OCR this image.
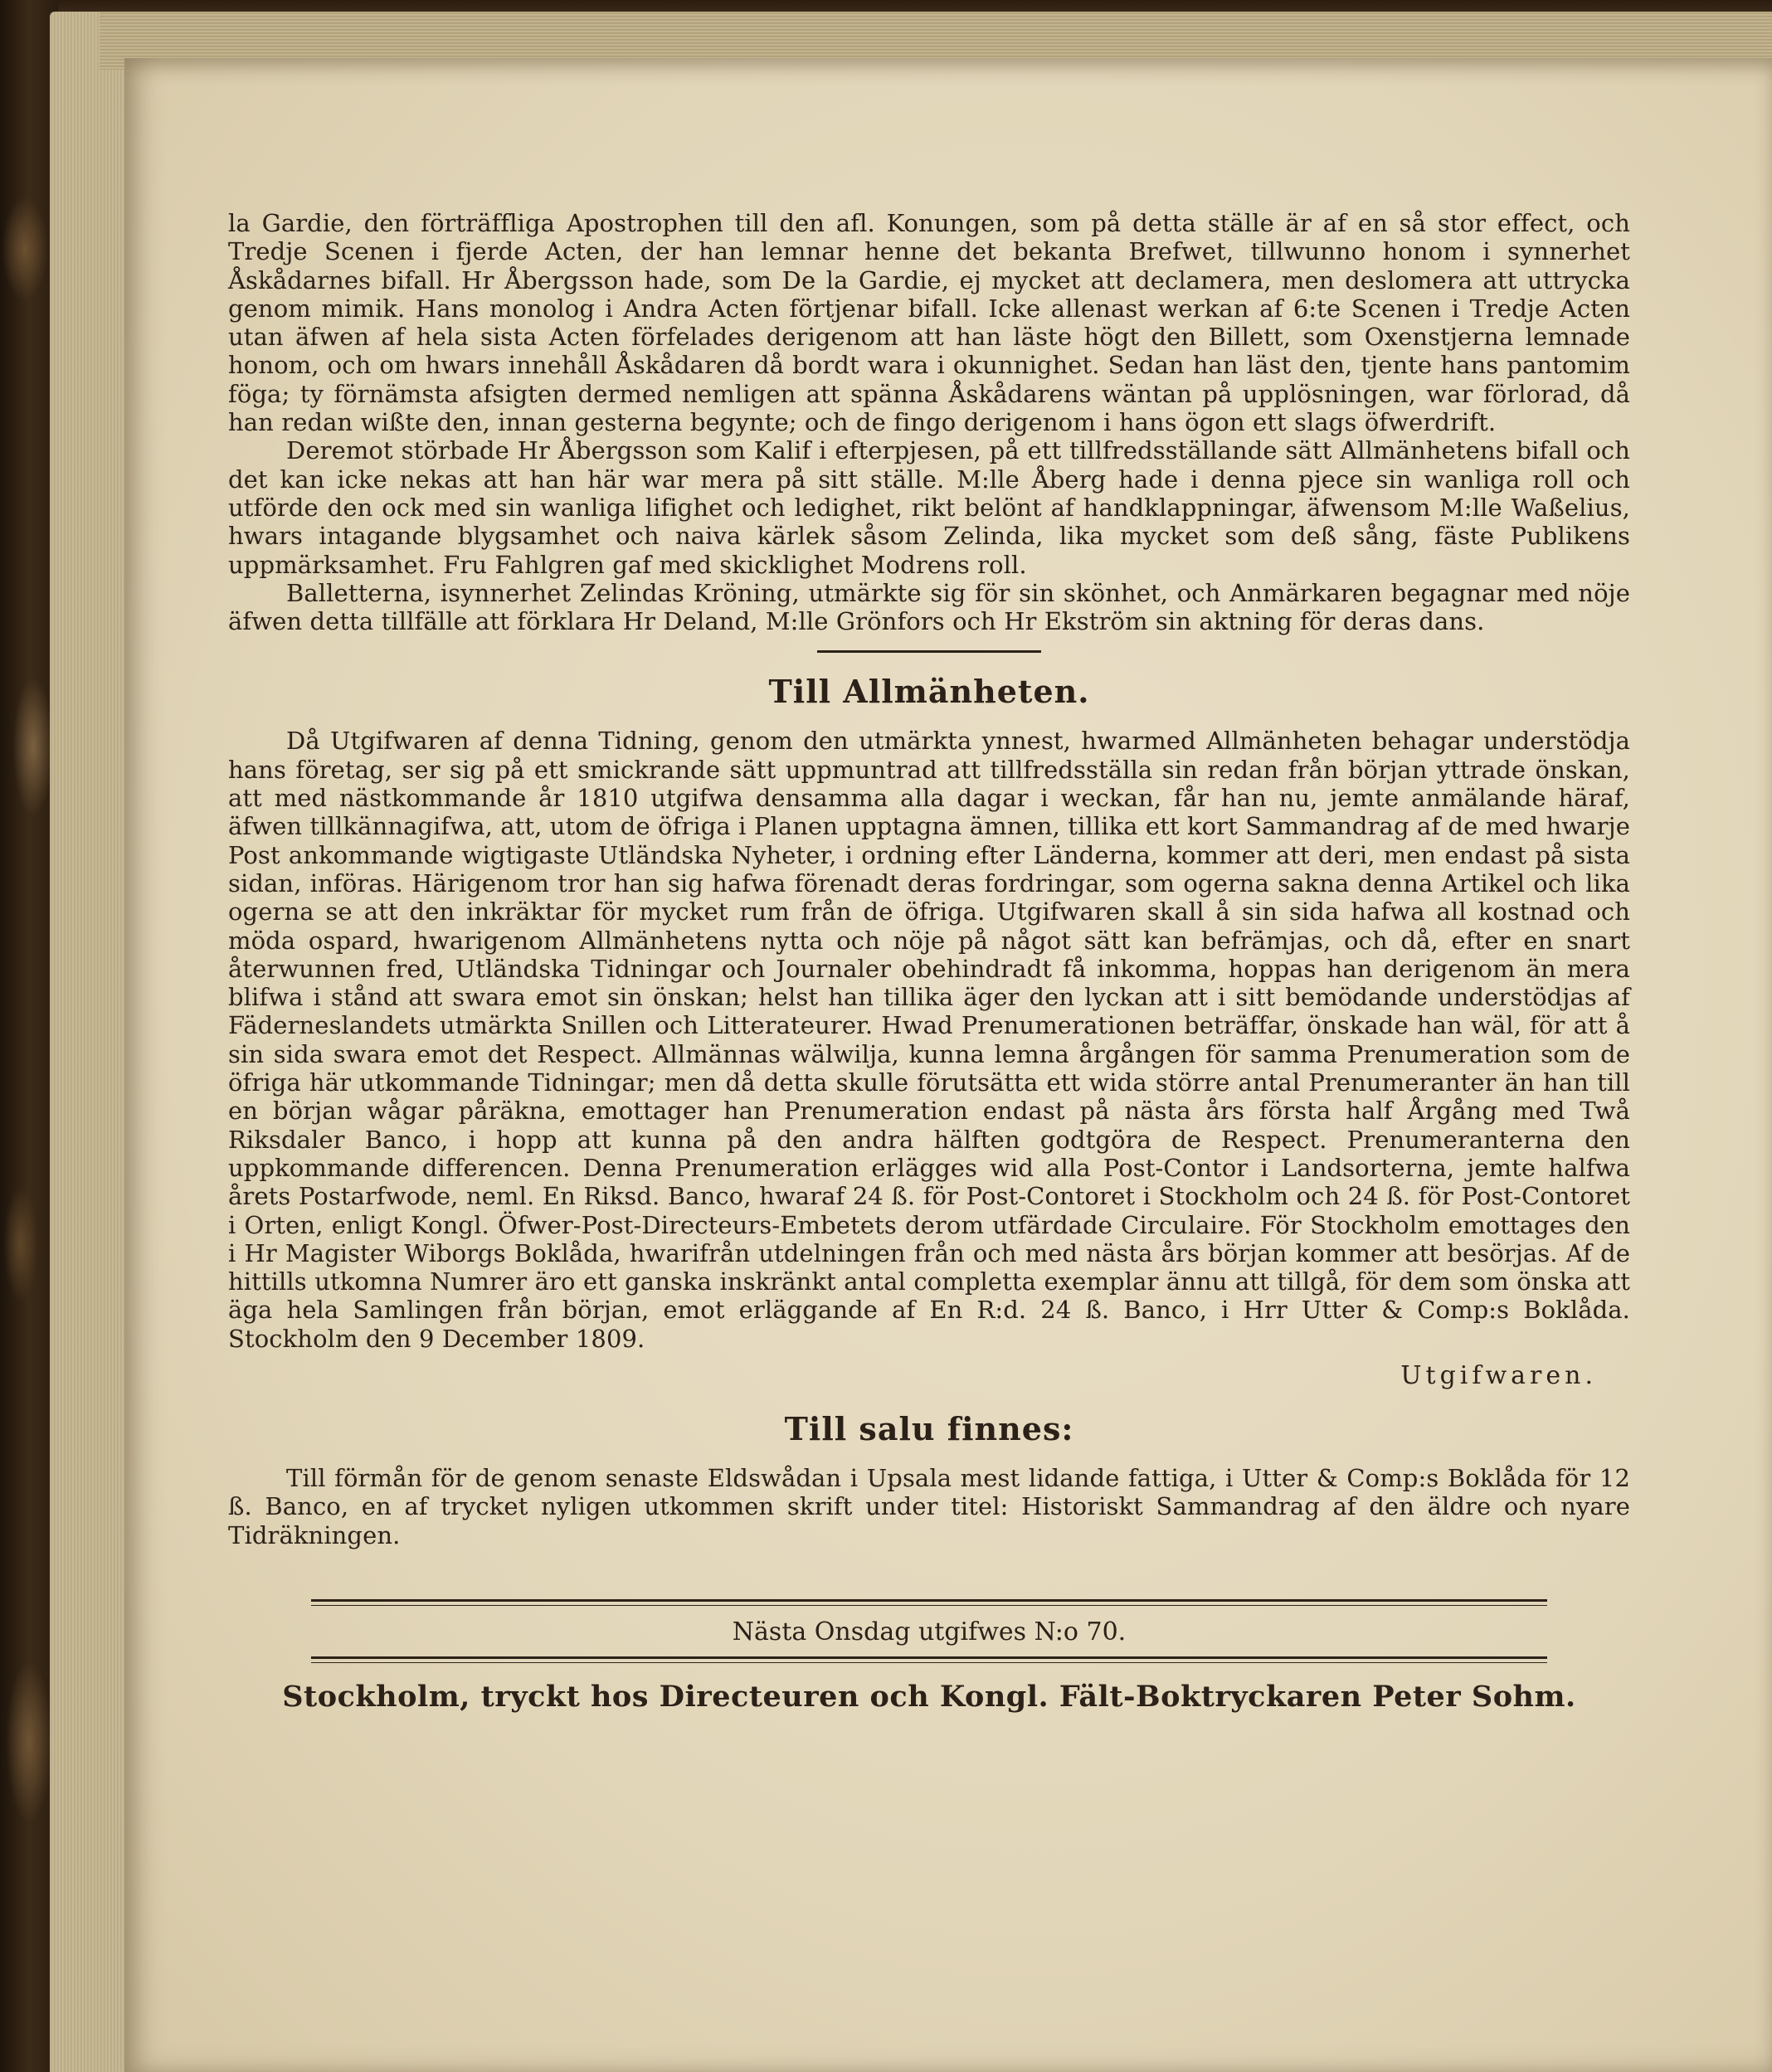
la Gardie, den förträffliga Apostrophen till den afl. Konungen, som på detta ställe är af en så stor effect, och Tredje Scenen i fjerde Acten, der han lemnar henne det bekanta Brefwet, tillwunno honom i synnerhet Åskådarnes bifall. Hr Åbergsson hade, som De la Gardie, ej mycket att declamera, men deslomera att uttrycka genom mimik. Hans monolog i Andra Acten förtjenar bifall. Icke allenast werkan af 6:te Scenen i Tredje Acten utan äfwen af hela sista Acten förfelades derigenom att han läste högt den Billett, som Oxenstjerna lemnade honom, och om hwars innehåll Åskådaren då bordt wara i okunnighet. Sedan han läst den, tjente hans pantomim föga; ty förnämsta afsigten dermed nemligen att spänna Åskådarens wäntan på upplösningen, war förlorad, då han redan wißte den, innan gesterna begynte; och de fingo derigenom i hans ögon ett slags öfwerdrift.

Deremot störbade Hr Åbergsson som Kalif i efterpjesen, på ett tillfredsställande sätt Allmänhetens bifall och det kan icke nekas att han här war mera på sitt ställe. M:lle Åberg hade i denna pjece sin wanliga roll och utförde den ock med sin wanliga lifighet och ledighet, rikt belönt af handklappningar, äfwensom M:lle Waßelius, hwars intagande blygsamhet och naiva kärlek såsom Zelinda, lika mycket som deß sång, fäste Publikens uppmärksamhet. Fru Fahlgren gaf med skicklighet Modrens roll.

Balletterna, isynnerhet Zelindas Kröning, utmärkte sig för sin skönhet, och Anmärkaren begagnar med nöje äfwen detta tillfälle att förklara Hr Deland, M:lle Grönfors och Hr Ekström sin aktning för deras dans.

Till Allmänheten.

Då Utgifwaren af denna Tidning, genom den utmärkta ynnest, hwarmed Allmänheten behagar understödja hans företag, ser sig på ett smickrande sätt uppmuntrad att tillfredsställa sin redan från början yttrade önskan, att med nästkommande år 1810 utgifwa densamma alla dagar i weckan, får han nu, jemte anmälande häraf, äfwen tillkännagifwa, att, utom de öfriga i Planen upptagna ämnen, tillika ett kort Sammandrag af de med hwarje Post ankommande wigtigaste Utländska Nyheter, i ordning efter Länderna, kommer att deri, men endast på sista sidan, införas. Härigenom tror han sig hafwa förenadt deras fordringar, som ogerna sakna denna Artikel och lika ogerna se att den inkräktar för mycket rum från de öfriga. Utgifwaren skall å sin sida hafwa all kostnad och möda ospard, hwarigenom Allmänhetens nytta och nöje på något sätt kan befrämjas, och då, efter en snart återwunnen fred, Utländska Tidningar och Journaler obehindradt få inkomma, hoppas han derigenom än mera blifwa i stånd att swara emot sin önskan; helst han tillika äger den lyckan att i sitt bemödande understödjas af Fäderneslandets utmärkta Snillen och Litterateurer. Hwad Prenumerationen beträffar, önskade han wäl, för att å sin sida swara emot det Respect. Allmännas wälwilja, kunna lemna årgången för samma Prenumeration som de öfriga här utkommande Tidningar; men då detta skulle förutsätta ett wida större antal Prenumeranter än han till en början wågar påräkna, emottager han Prenumeration endast på nästa års första half Årgång med Twå Riksdaler Banco, i hopp att kunna på den andra hälften godtgöra de Respect. Prenumeranterna den uppkommande differencen. Denna Prenumeration erlägges wid alla Post-Contor i Landsorterna, jemte halfwa årets Postarfwode, neml. En Riksd. Banco, hwaraf 24 ß. för Post-Contoret i Stockholm och 24 ß. för Post-Contoret i Orten, enligt Kongl. Öfwer-Post-Directeurs-Embetets derom utfärdade Circulaire. För Stockholm emottages den i Hr Magister Wiborgs Boklåda, hwarifrån utdelningen från och med nästa års början kommer att besörjas. Af de hittills utkomna Numrer äro ett ganska inskränkt antal completta exemplar ännu att tillgå, för dem som önska att äga hela Samlingen från början, emot erläggande af En R:d. 24 ß. Banco, i Hrr Utter & Comp:s Boklåda. Stockholm den 9 December 1809.

Utgifwaren.
Till salu finnes:

Till förmån för de genom senaste Eldswådan i Upsala mest lidande fattiga, i Utter & Comp:s Boklåda för 12 ß. Banco, en af trycket nyligen utkommen skrift under titel: Historiskt Sammandrag af den äldre och nyare Tidräkningen.

Nästa Onsdag utgifwes N:o 70.
Stockholm, tryckt hos Directeuren och Kongl. Fält-Boktryckaren Peter Sohm.
